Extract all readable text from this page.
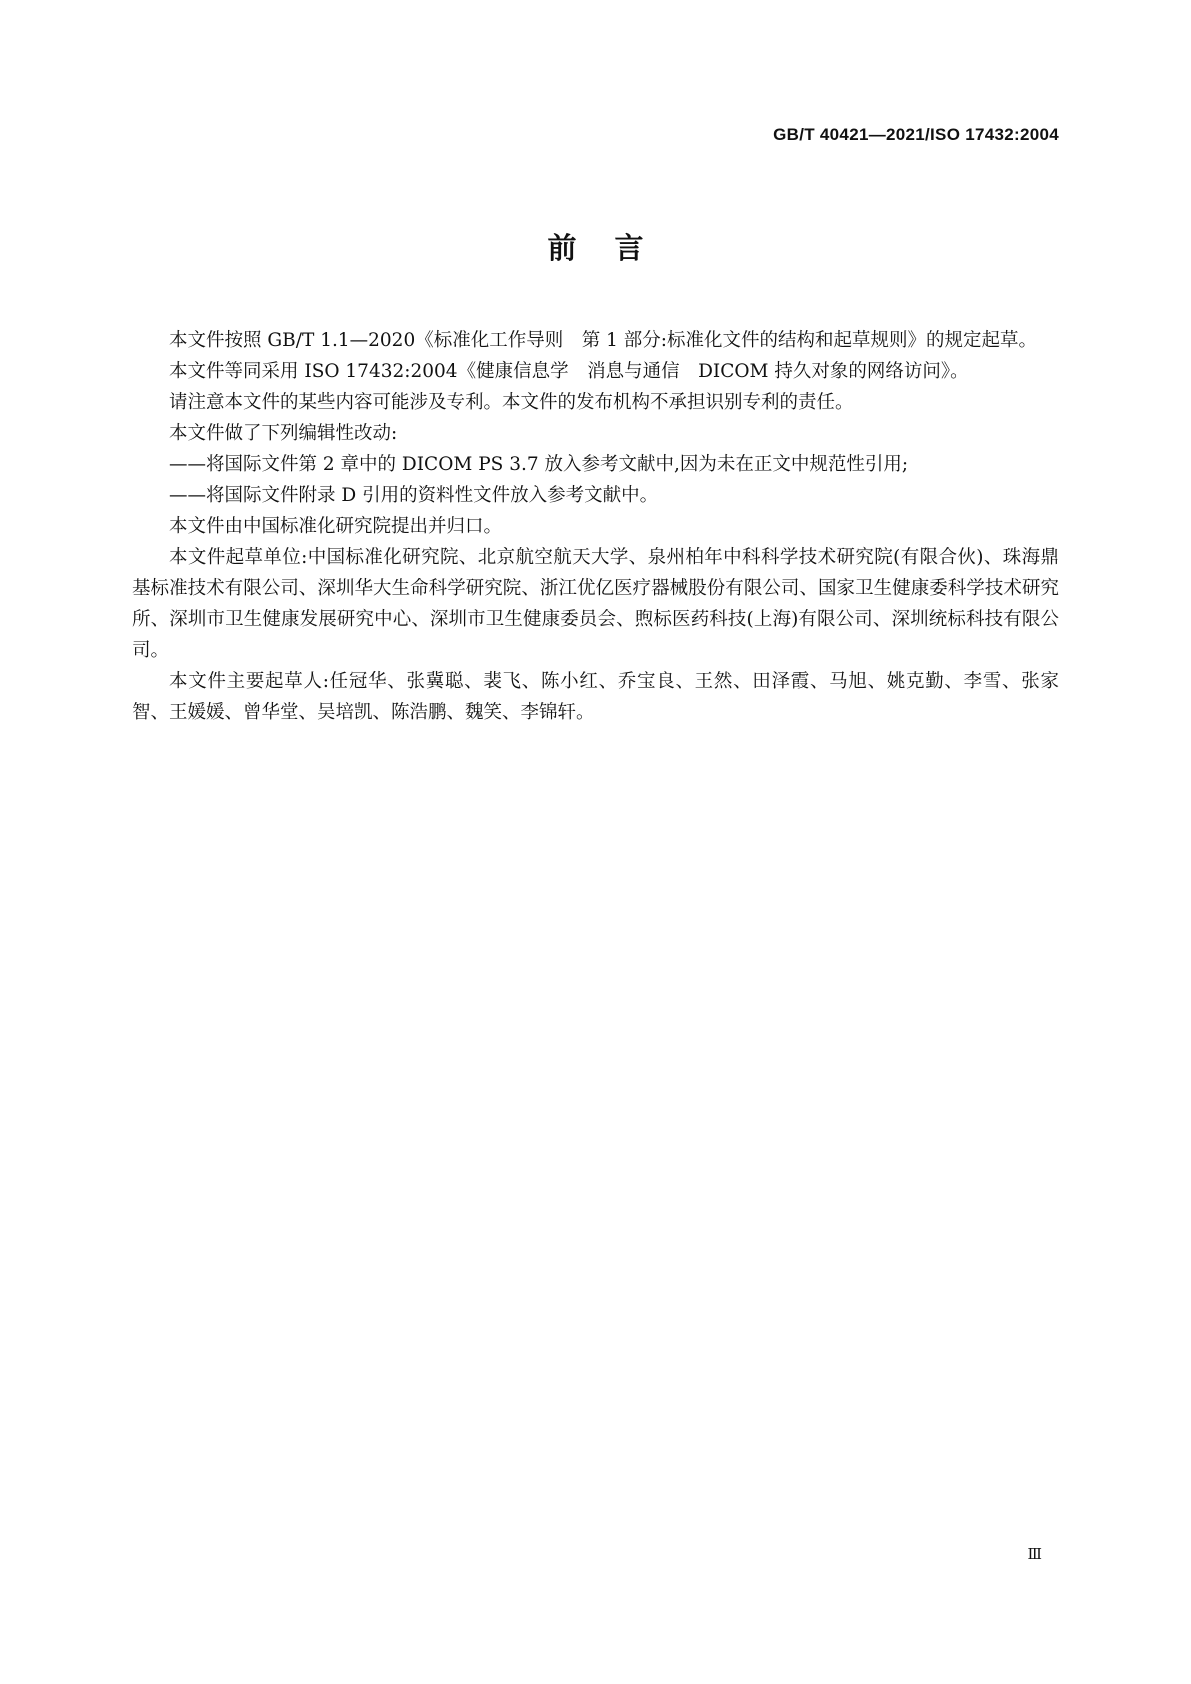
GB/T 40421—2021/ISO 17432:2004
前言

本文件按照 GB/T 1.1—2020《标准化工作导则　第 1 部分:标准化文件的结构和起草规则》的规定起草。

本文件等同采用 ISO 17432:2004《健康信息学　消息与通信　DICOM 持久对象的网络访问》。

请注意本文件的某些内容可能涉及专利。本文件的发布机构不承担识别专利的责任。

本文件做了下列编辑性改动:

——将国际文件第 2 章中的 DICOM PS 3.7 放入参考文献中,因为未在正文中规范性引用;

——将国际文件附录 D 引用的资料性文件放入参考文献中。

本文件由中国标准化研究院提出并归口。

本文件起草单位:中国标准化研究院、北京航空航天大学、泉州柏年中科科学技术研究院(有限合伙)、珠海鼎基标准技术有限公司、深圳华大生命科学研究院、浙江优亿医疗器械股份有限公司、国家卫生健康委科学技术研究所、深圳市卫生健康发展研究中心、深圳市卫生健康委员会、煦标医药科技(上海)有限公司、深圳统标科技有限公司。

本文件主要起草人:任冠华、张冀聪、裴飞、陈小红、乔宝良、王然、田泽霞、马旭、姚克勤、李雪、张家智、王媛媛、曾华堂、吴培凯、陈浩鹏、魏笑、李锦轩。

Ⅲ
